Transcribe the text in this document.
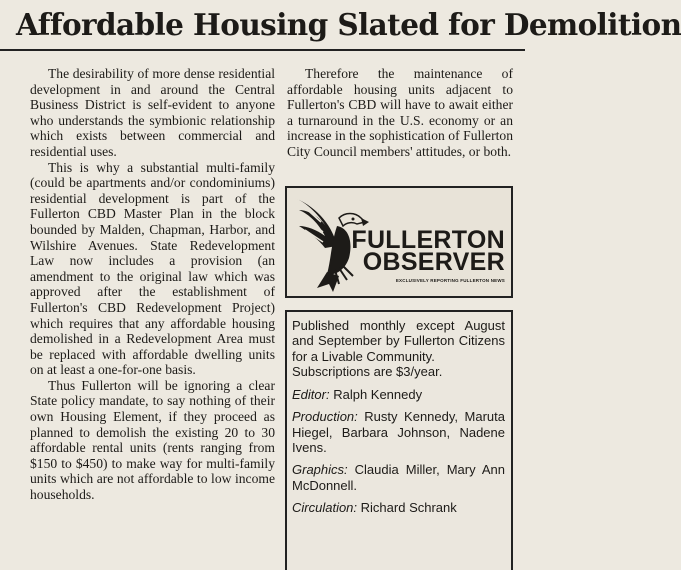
Affordable Housing Slated for Demolition

The desirability of more dense residential development in and around the Central Business District is self-evident to anyone who understands the symbionic relationship which exists between commercial and residential uses.

This is why a substantial multi-family (could be apartments and/or condominiums) residential development is part of the Fullerton CBD Master Plan in the block bounded by Malden, Chapman, Harbor, and Wilshire Avenues. State Redevelopment Law now includes a provision (an amendment to the original law which was approved after the establishment of Fullerton's CBD Redevelopment Project) which requires that any affordable housing demolished in a Redevelopment Area must be replaced with affordable dwelling units on at least a one-for-one basis.

Thus Fullerton will be ignoring a clear State policy mandate, to say nothing of their own Housing Element, if they proceed as planned to demolish the existing 20 to 30 affordable rental units (rents ranging from $150 to $450) to make way for multi-family units which are not affordable to low income households.

Therefore the maintenance of affordable housing units adjacent to Fullerton's CBD will have to await either a turnaround in the U.S. economy or an increase in the sophistication of Fullerton City Council members' attitudes, or both.

FULLERTON
OBSERVER
EXCLUSIVELY REPORTING FULLERTON NEWS

Published monthly except August and September by Fullerton Citizens for a Livable Community.
Subscriptions are $3/year.

Editor: Ralph Kennedy

Production: Rusty Kennedy, Maruta Hiegel, Barbara Johnson, Nadene Ivens.

Graphics: Claudia Miller, Mary Ann McDonnell.

Circulation: Richard Schrank
